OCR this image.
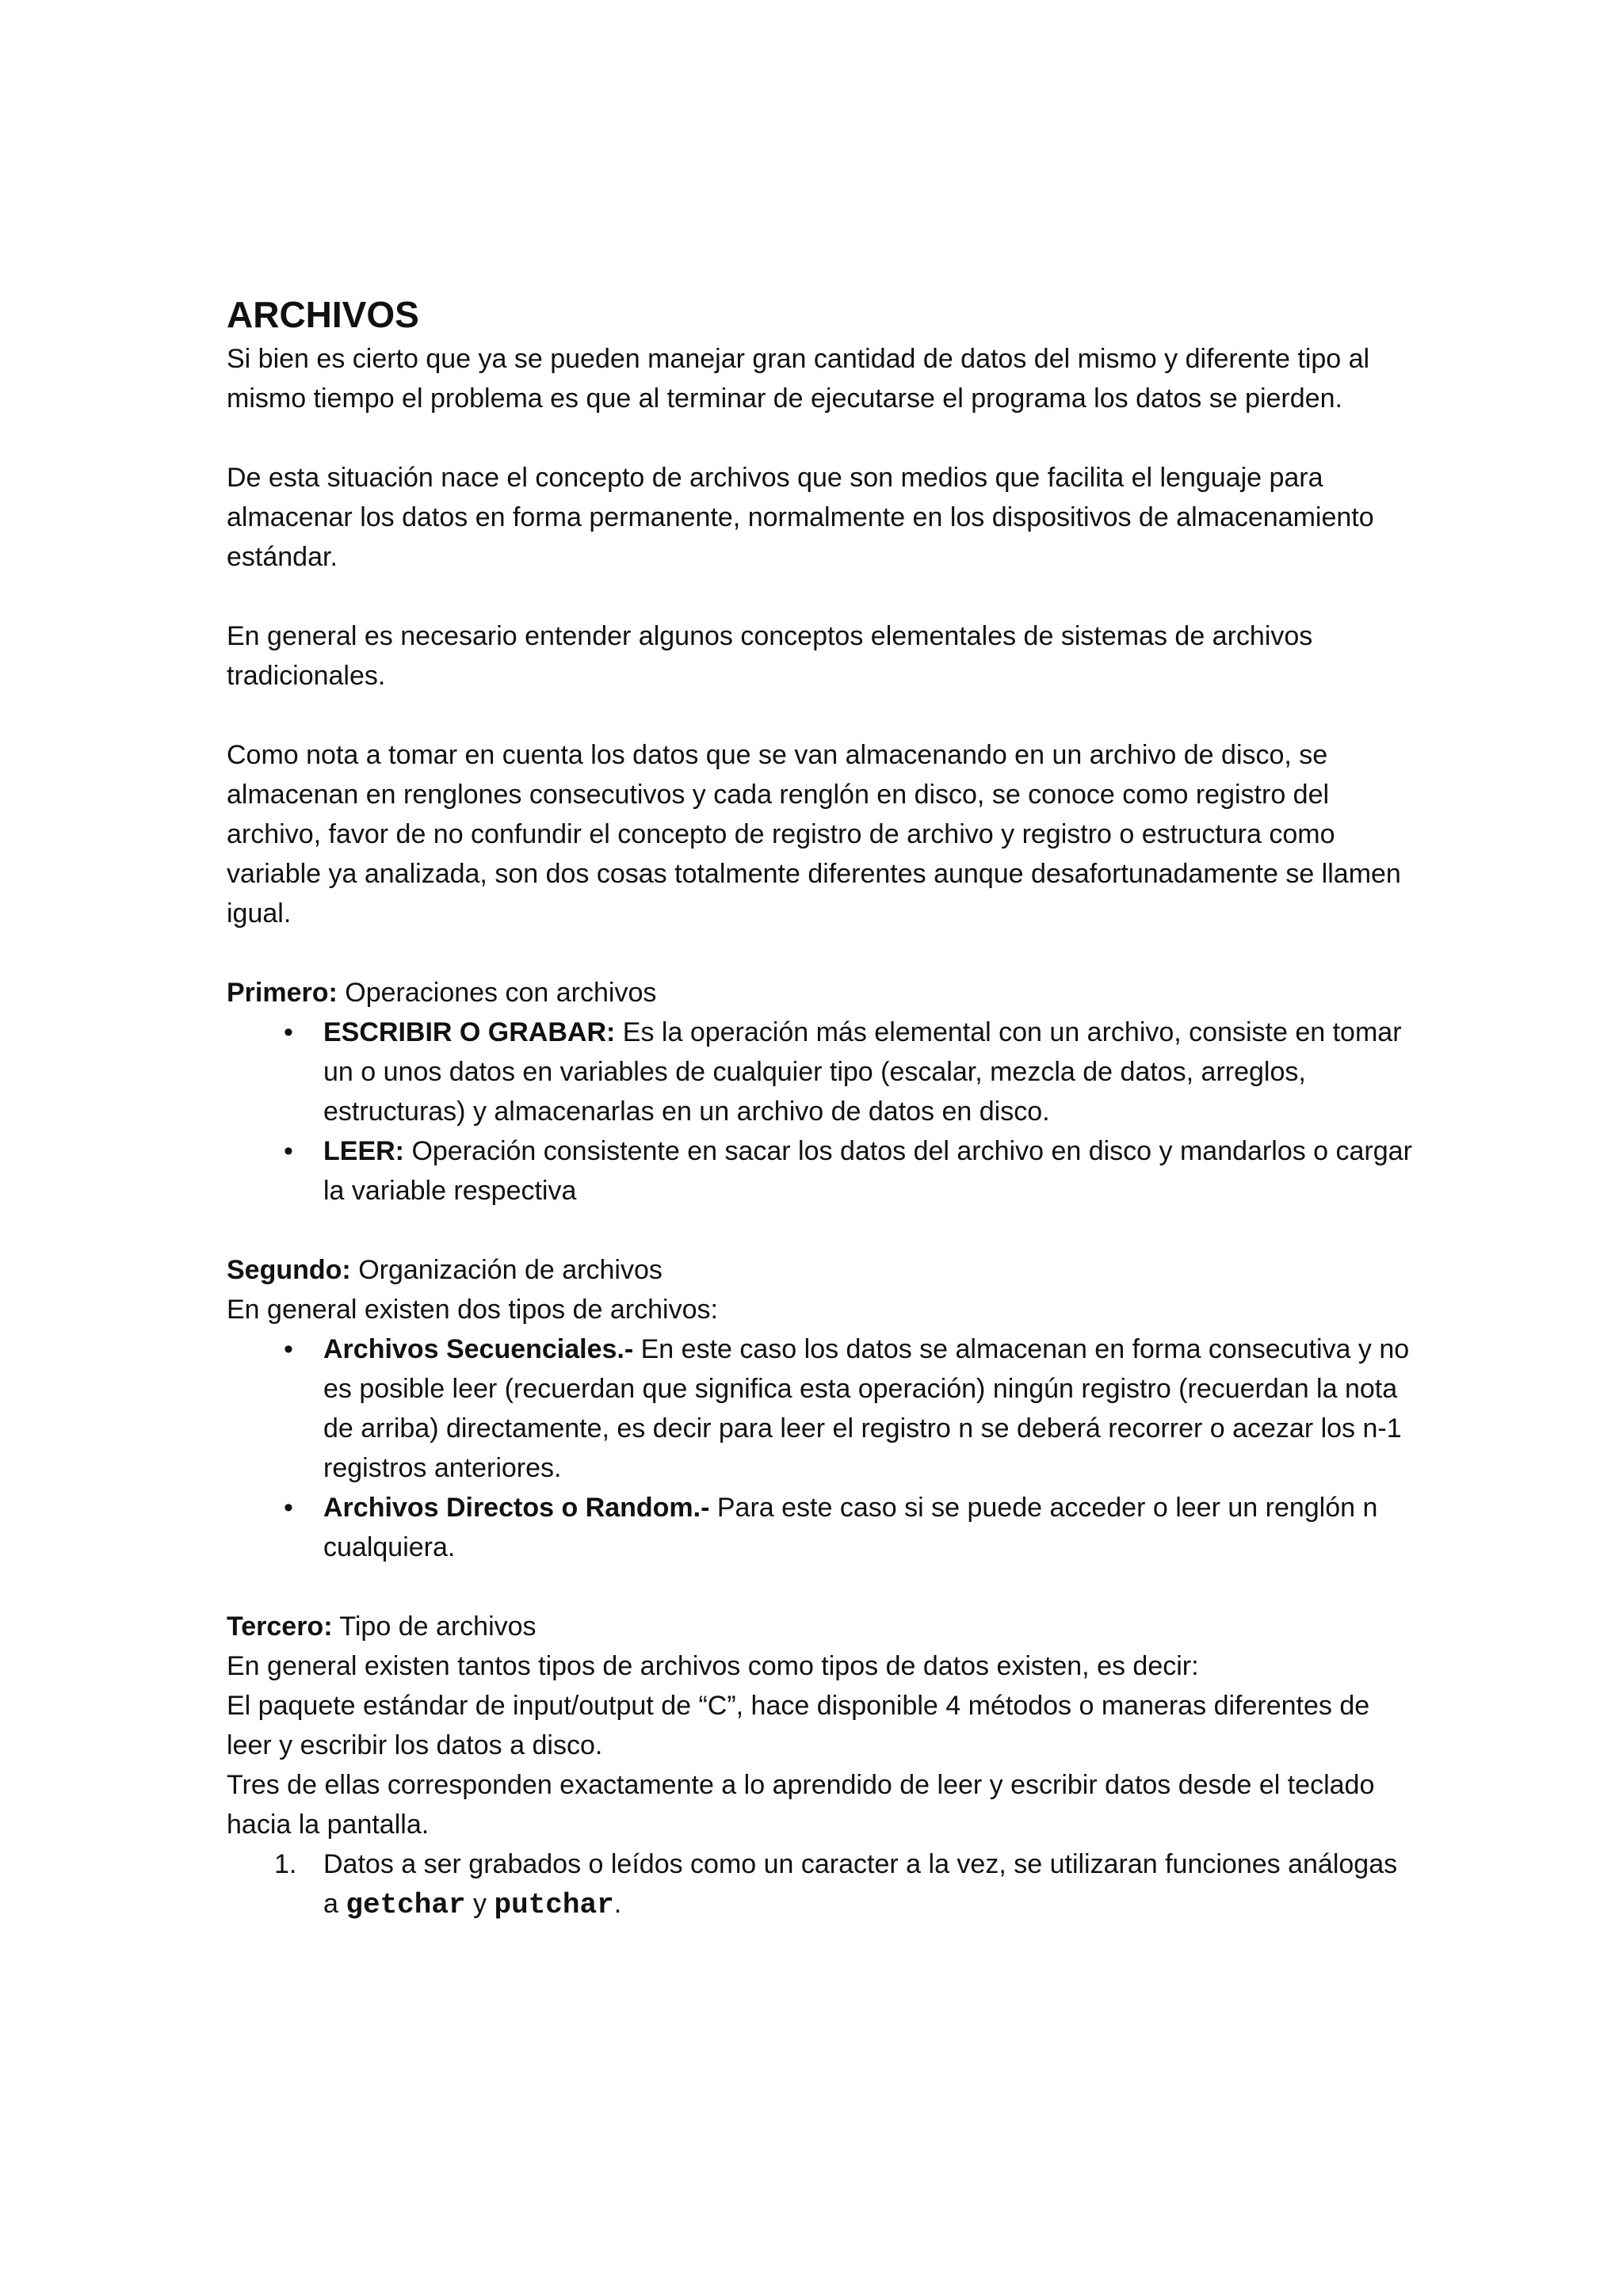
ARCHIVOS

Si bien es cierto que ya se pueden manejar gran cantidad de datos del mismo y diferente tipo al mismo tiempo el problema es que al terminar de ejecutarse el programa los datos se pierden.

De esta situación nace el concepto de archivos que son medios que facilita el lenguaje para almacenar los datos en forma permanente, normalmente en los dispositivos de almacenamiento estándar.

En general es necesario entender algunos conceptos elementales de sistemas de archivos tradicionales.

Como nota a tomar en cuenta los datos que se van almacenando en un archivo de disco, se almacenan en renglones consecutivos y cada renglón en disco, se conoce como registro del archivo, favor de no confundir el concepto de registro de archivo y registro o estructura como variable ya analizada, son dos cosas totalmente diferentes aunque desafortunadamente se llamen igual.

Primero: Operaciones con archivos

•	ESCRIBIR O GRABAR: Es la operación más elemental con un archivo, consiste en tomar un o unos datos en variables de cualquier tipo (escalar, mezcla de datos, arreglos, estructuras) y almacenarlas en un archivo de datos en disco.
•	LEER: Operación consistente en sacar los datos del archivo en disco y mandarlos o cargar la variable respectiva

Segundo: Organización de archivos

En general existen dos tipos de archivos:

•	Archivos Secuenciales.- En este caso los datos se almacenan en forma consecutiva y no es posible leer (recuerdan que significa esta operación) ningún registro (recuerdan la nota de arriba) directamente, es decir para leer el registro n se deberá recorrer o acezar los n-1 registros anteriores.
•	Archivos Directos o Random.- Para este caso si se puede acceder o leer un renglón n cualquiera.

Tercero: Tipo de archivos

En general existen tantos tipos de archivos como tipos de datos existen, es decir:

El paquete estándar de input/output de “C”, hace disponible 4 métodos o maneras diferentes de leer y escribir los datos a disco.

Tres de ellas corresponden exactamente a lo aprendido de leer y escribir datos desde el teclado hacia la pantalla.

1. Datos a ser grabados o leídos como un caracter a la vez, se utilizaran funciones análogas a getchar y putchar.
